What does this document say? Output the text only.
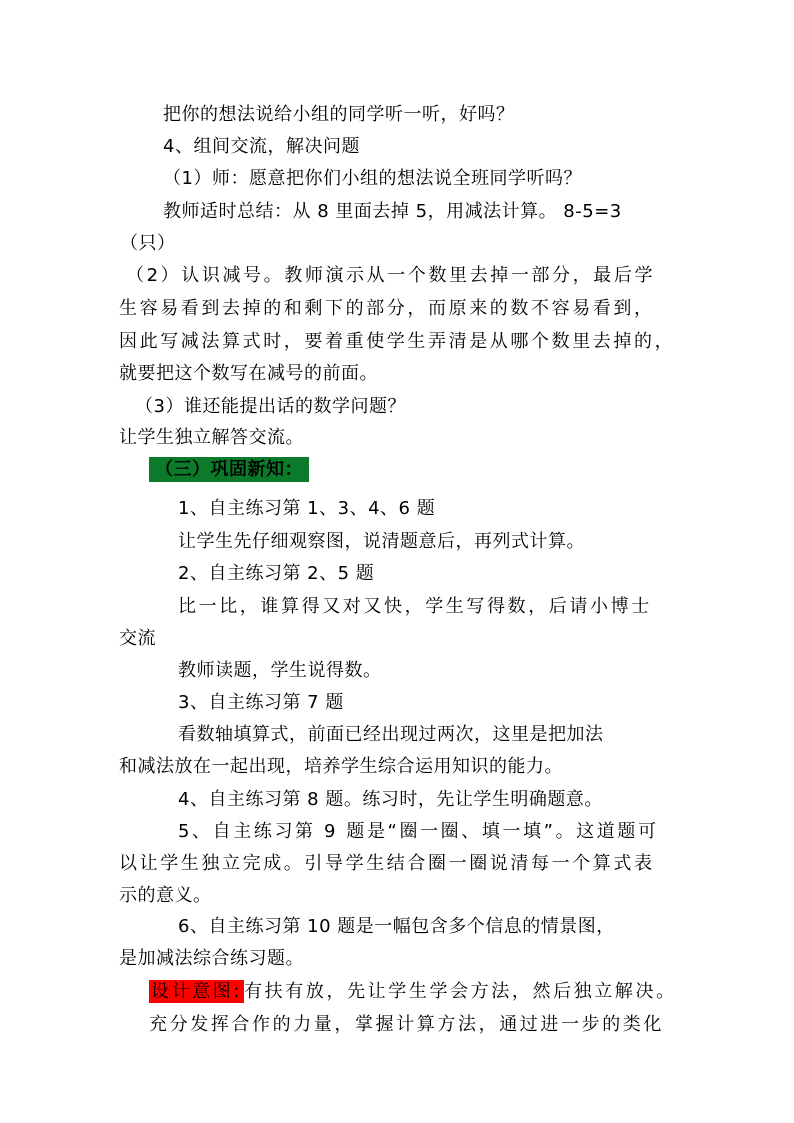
把你的想法说给小组的同学听一听，好吗？
4、组间交流，解决问题
（1）师：愿意把你们小组的想法说全班同学听吗？
教师适时总结：从 8 里面去掉 5，用减法计算。 8-5=3
（只）
（2）认识减号。教师演示从一个数里去掉一部分，最后学
生容易看到去掉的和剩下的部分，而原来的数不容易看到，
因此写减法算式时，要着重使学生弄清是从哪个数里去掉的，
就要把这个数写在减号的前面。
（3）谁还能提出话的数学问题？
让学生独立解答交流。
（三）巩固新知：
1、自主练习第 1、3、4、6 题
让学生先仔细观察图，说清题意后，再列式计算。
2、自主练习第 2、5 题
比一比，谁算得又对又快，学生写得数，后请小博士
交流
教师读题，学生说得数。
3、自主练习第 7 题
看数轴填算式，前面已经出现过两次，这里是把加法
和减法放在一起出现，培养学生综合运用知识的能力。
4、自主练习第 8 题。练习时，先让学生明确题意。
5、自主练习第 9 题是“圈一圈、填一填”。这道题可
以让学生独立完成。引导学生结合圈一圈说清每一个算式表
示的意义。
6、自主练习第 10 题是一幅包含多个信息的情景图，
是加减法综合练习题。
设计意图: 有扶有放，先让学生学会方法，然后独立解决。
充分发挥合作的力量，掌握计算方法，通过进一步的类化
